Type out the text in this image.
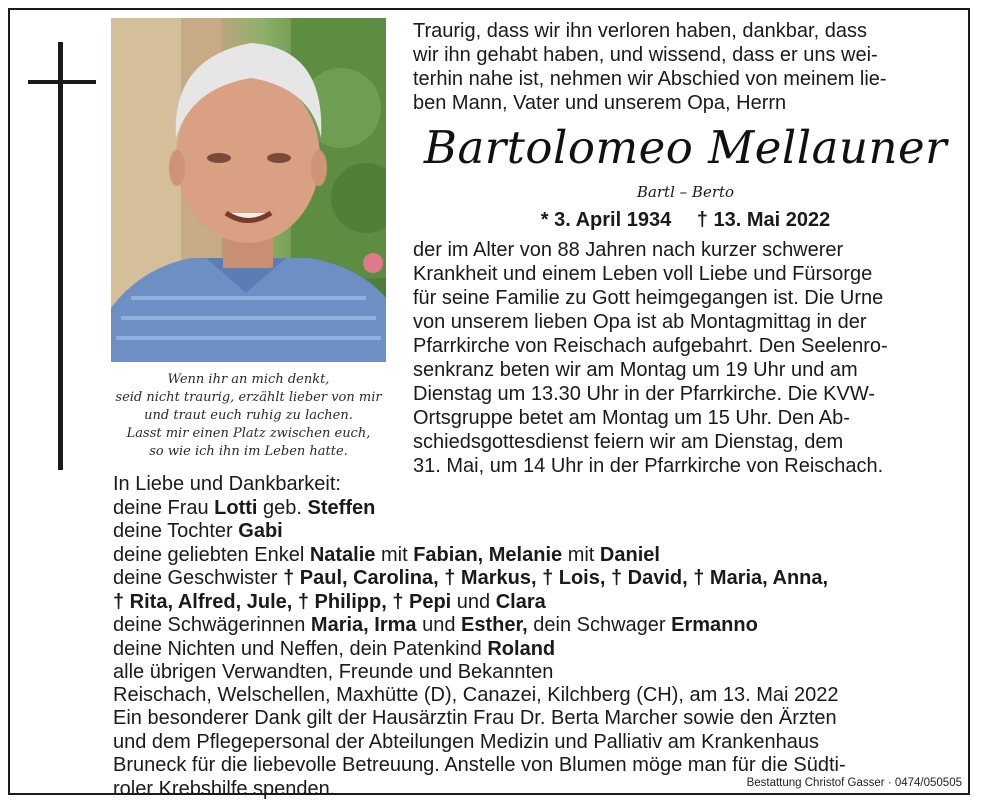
Wenn ihr an mich denkt,
seid nicht traurig, erzählt lieber von mir
und traut euch ruhig zu lachen.
Lasst mir einen Platz zwischen euch,
so wie ich ihn im Leben hatte.
Traurig, dass wir ihn verloren haben, dankbar, dass
wir ihn gehabt haben, und wissend, dass er uns wei-
terhin nahe ist, nehmen wir Abschied von meinem lie-
ben Mann, Vater und unserem Opa, Herrn
Bartolomeo Mellauner
Bartl – Berto
* 3. April 1934 † 13. Mai 2022
der im Alter von 88 Jahren nach kurzer schwerer
Krankheit und einem Leben voll Liebe und Fürsorge
für seine Familie zu Gott heimgegangen ist. Die Urne
von unserem lieben Opa ist ab Montagmittag in der
Pfarrkirche von Reischach aufgebahrt. Den Seelenro-
senkranz beten wir am Montag um 19 Uhr und am
Dienstag um 13.30 Uhr in der Pfarrkirche. Die KVW-
Ortsgruppe betet am Montag um 15 Uhr. Den Ab-
schiedsgottesdienst feiern wir am Dienstag, dem
31. Mai, um 14 Uhr in der Pfarrkirche von Reischach.
In Liebe und Dankbarkeit:
deine Frau Lotti geb. Steffen
deine Tochter Gabi
deine geliebten Enkel Natalie mit Fabian, Melanie mit Daniel
deine Geschwister † Paul, Carolina, † Markus, † Lois, † David, † Maria, Anna,
† Rita, Alfred, Jule, † Philipp, † Pepi und Clara
deine Schwägerinnen Maria, Irma und Esther, dein Schwager Ermanno
deine Nichten und Neffen, dein Patenkind Roland
alle übrigen Verwandten, Freunde und Bekannten
Reischach, Welschellen, Maxhütte (D), Canazei, Kilchberg (CH), am 13. Mai 2022
Ein besonderer Dank gilt der Hausärztin Frau Dr. Berta Marcher sowie den Ärzten
und dem Pflegepersonal der Abteilungen Medizin und Palliativ am Krankenhaus
Bruneck für die liebevolle Betreuung. Anstelle von Blumen möge man für die Südti-
roler Krebshilfe spenden.	Bestattung Christof Gasser · 0474/050505
